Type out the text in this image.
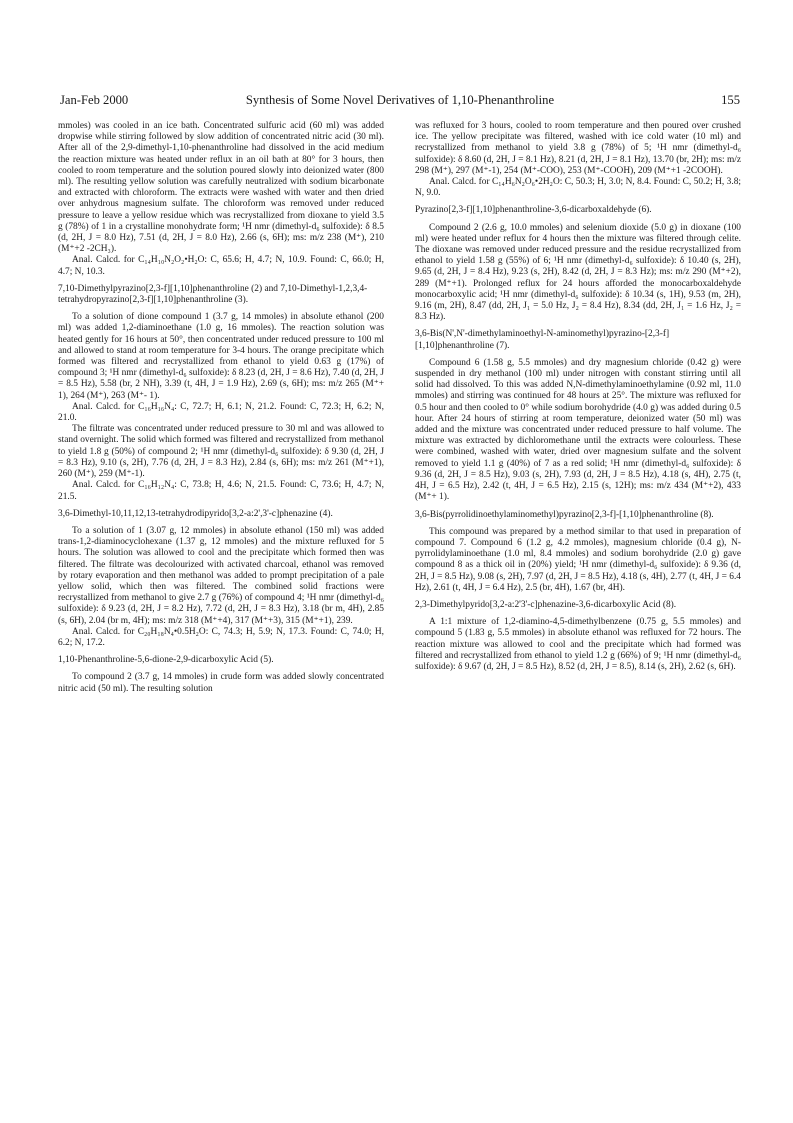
Jan-Feb 2000	Synthesis of Some Novel Derivatives of 1,10-Phenanthroline	155

mmoles) was cooled in an ice bath. Concentrated sulfuric acid (60 ml) was added dropwise while stirring followed by slow addition of concentrated nitric acid (30 ml). After all of the 2,9-dimethyl-1,10-phenanthroline had dissolved in the acid medium the reaction mixture was heated under reflux in an oil bath at 80° for 3 hours, then cooled to room temperature and the solution poured slowly into deionized water (800 ml). The resulting yellow solution was carefully neutralized with sodium bicarbonate and extracted with chloroform. The extracts were washed with water and then dried over anhydrous magnesium sulfate. The chloroform was removed under reduced pressure to leave a yellow residue which was recrystallized from dioxane to yield 3.5 g (78%) of 1 in a crystalline monohydrate form; ¹H nmr (dimethyl-d₆ sulfoxide): δ 8.5 (d, 2H, J = 8.0 Hz), 7.51 (d, 2H, J = 8.0 Hz), 2.66 (s, 6H); ms: m/z 238 (M⁺), 210 (M⁺+2 -2CH₃).

Anal. Calcd. for C₁₄H₁₀N₂O₂•H₂O: C, 65.6; H, 4.7; N, 10.9. Found: C, 66.0; H, 4.7; N, 10.3.

7,10-Dimethylpyrazino[2,3-f][1,10]phenanthroline (2) and 7,10-Dimethyl-1,2,3,4-tetrahydropyrazino[2,3-f][1,10]phenanthroline (3).

To a solution of dione compound 1 (3.7 g, 14 mmoles) in absolute ethanol (200 ml) was added 1,2-diaminoethane (1.0 g, 16 mmoles). The reaction solution was heated gently for 16 hours at 50°, then concentrated under reduced pressure to 100 ml and allowed to stand at room temperature for 3-4 hours. The orange precipitate which formed was filtered and recrystallized from ethanol to yield 0.63 g (17%) of compound 3; ¹H nmr (dimethyl-d₆ sulfoxide): δ 8.23 (d, 2H, J = 8.6 Hz), 7.40 (d, 2H, J = 8.5 Hz), 5.58 (br, 2 NH), 3.39 (t, 4H, J = 1.9 Hz), 2.69 (s, 6H); ms: m/z 265 (M⁺+ 1), 264 (M⁺), 263 (M⁺- 1).

Anal. Calcd. for C₁₆H₁₆N₄: C, 72.7; H, 6.1; N, 21.2. Found: C, 72.3; H, 6.2; N, 21.0.

The filtrate was concentrated under reduced pressure to 30 ml and was allowed to stand overnight. The solid which formed was filtered and recrystallized from methanol to yield 1.8 g (50%) of compound 2; ¹H nmr (dimethyl-d₆ sulfoxide): δ 9.30 (d, 2H, J = 8.3 Hz), 9.10 (s, 2H), 7.76 (d, 2H, J = 8.3 Hz), 2.84 (s, 6H); ms: m/z 261 (M⁺+1), 260 (M⁺), 259 (M⁺-1).

Anal. Calcd. for C₁₆H₁₂N₄: C, 73.8; H, 4.6; N, 21.5. Found: C, 73.6; H, 4.7; N, 21.5.

3,6-Dimethyl-10,11,12,13-tetrahydrodipyrido[3,2-a:2',3'-c]phenazine (4).

To a solution of 1 (3.07 g, 12 mmoles) in absolute ethanol (150 ml) was added trans-1,2-diaminocyclohexane (1.37 g, 12 mmoles) and the mixture refluxed for 5 hours. The solution was allowed to cool and the precipitate which formed then was filtered. The filtrate was decolourized with activated charcoal, ethanol was removed by rotary evaporation and then methanol was added to prompt precipitation of a pale yellow solid, which then was filtered. The combined solid fractions were recrystallized from methanol to give 2.7 g (76%) of compound 4; ¹H nmr (dimethyl-d₆ sulfoxide): δ 9.23 (d, 2H, J = 8.2 Hz), 7.72 (d, 2H, J = 8.3 Hz), 3.18 (br m, 4H), 2.85 (s, 6H), 2.04 (br m, 4H); ms: m/z 318 (M⁺+4), 317 (M⁺+3), 315 (M⁺+1), 239.

Anal. Calcd. for C₂₀H₁₈N₄•0.5H₂O: C, 74.3; H, 5.9; N, 17.3. Found: C, 74.0; H, 6.2; N, 17.2.

1,10-Phenanthroline-5,6-dione-2,9-dicarboxylic Acid (5).

To compound 2 (3.7 g, 14 mmoles) in crude form was added slowly concentrated nitric acid (50 ml). The resulting solution

was refluxed for 3 hours, cooled to room temperature and then poured over crushed ice. The yellow precipitate was filtered, washed with ice cold water (10 ml) and recrystallized from methanol to yield 3.8 g (78%) of 5; ¹H nmr (dimethyl-d₆ sulfoxide): δ 8.60 (d, 2H, J = 8.1 Hz), 8.21 (d, 2H, J = 8.1 Hz), 13.70 (br, 2H); ms: m/z 298 (M⁺), 297 (M⁺-1), 254 (M⁺-COO), 253 (M⁺-COOH), 209 (M⁺+1 -2COOH).

Anal. Calcd. for C₁₄H₆N₂O₆•2H₂O: C, 50.3; H, 3.0; N, 8.4. Found: C, 50.2; H, 3.8; N, 9.0.

Pyrazino[2,3-f][1,10]phenanthroline-3,6-dicarboxaldehyde (6).

Compound 2 (2.6 g, 10.0 mmoles) and selenium dioxide (5.0 g) in dioxane (100 ml) were heated under reflux for 4 hours then the mixture was filtered through celite. The dioxane was removed under reduced pressure and the residue recrystallized from ethanol to yield 1.58 g (55%) of 6; ¹H nmr (dimethyl-d₆ sulfoxide): δ 10.40 (s, 2H), 9.65 (d, 2H, J = 8.4 Hz), 9.23 (s, 2H), 8.42 (d, 2H, J = 8.3 Hz); ms: m/z 290 (M⁺+2), 289 (M⁺+1). Prolonged reflux for 24 hours afforded the monocarboxaldehyde monocarboxylic acid; ¹H nmr (dimethyl-d₆ sulfoxide): δ 10.34 (s, 1H), 9.53 (m, 2H), 9.16 (m, 2H), 8.47 (dd, 2H, J₁ = 5.0 Hz, J₂ = 8.4 Hz), 8.34 (dd, 2H, J₁ = 1.6 Hz, J₂ = 8.3 Hz).

3,6-Bis(N',N'-dimethylaminoethyl-N-aminomethyl)pyrazino-[2,3-f][1,10]phenanthroline (7).

Compound 6 (1.58 g, 5.5 mmoles) and dry magnesium chloride (0.42 g) were suspended in dry methanol (100 ml) under nitrogen with constant stirring until all solid had dissolved. To this was added N,N-dimethylaminoethylamine (0.92 ml, 11.0 mmoles) and stirring was continued for 48 hours at 25°. The mixture was refluxed for 0.5 hour and then cooled to 0° while sodium borohydride (4.0 g) was added during 0.5 hour. After 24 hours of stirring at room temperature, deionized water (50 ml) was added and the mixture was concentrated under reduced pressure to half volume. The mixture was extracted by dichloromethane until the extracts were colourless. These were combined, washed with water, dried over magnesium sulfate and the solvent removed to yield 1.1 g (40%) of 7 as a red solid; ¹H nmr (dimethyl-d₆ sulfoxide): δ 9.36 (d, 2H, J = 8.5 Hz), 9.03 (s, 2H), 7.93 (d, 2H, J = 8.5 Hz), 4.18 (s, 4H), 2.75 (t, 4H, J = 6.5 Hz), 2.42 (t, 4H, J = 6.5 Hz), 2.15 (s, 12H); ms: m/z 434 (M⁺+2), 433 (M⁺+ 1).

3,6-Bis(pyrrolidinoethylaminomethyl)pyrazino[2,3-f]-[1,10]phenanthroline (8).

This compound was prepared by a method similar to that used in preparation of compound 7. Compound 6 (1.2 g, 4.2 mmoles), magnesium chloride (0.4 g), N-pyrrolidylaminoethane (1.0 ml, 8.4 mmoles) and sodium borohydride (2.0 g) gave compound 8 as a thick oil in (20%) yield; ¹H nmr (dimethyl-d₆ sulfoxide): δ 9.36 (d, 2H, J = 8.5 Hz), 9.08 (s, 2H), 7.97 (d, 2H, J = 8.5 Hz), 4.18 (s, 4H), 2.77 (t, 4H, J = 6.4 Hz), 2.61 (t, 4H, J = 6.4 Hz), 2.5 (br, 4H), 1.67 (br, 4H).

2,3-Dimethylpyrido[3,2-a:2'3'-c]phenazine-3,6-dicarboxylic Acid (8).

A 1:1 mixture of 1,2-diamino-4,5-dimethylbenzene (0.75 g, 5.5 mmoles) and compound 5 (1.83 g, 5.5 mmoles) in absolute ethanol was refluxed for 72 hours. The reaction mixture was allowed to cool and the precipitate which had formed was filtered and recrystallized from ethanol to yield 1.2 g (66%) of 9; ¹H nmr (dimethyl-d₆ sulfoxide): δ 9.67 (d, 2H, J = 8.5 Hz), 8.52 (d, 2H, J = 8.5), 8.14 (s, 2H), 2.62 (s, 6H).
